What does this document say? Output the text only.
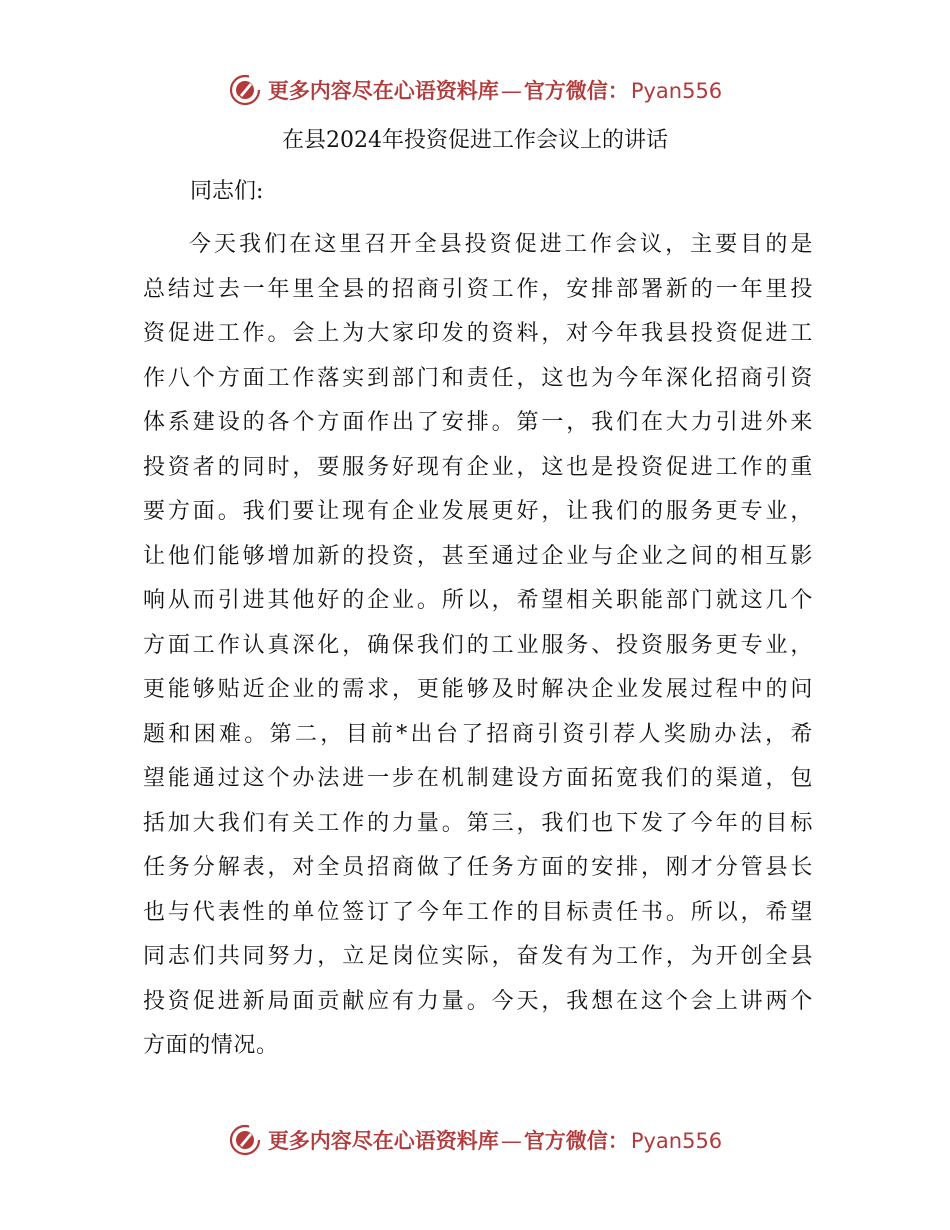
更多内容尽在心语资料库—官方微信：Pyan556
在县2024年投资促进工作会议上的讲话
同志们:
今天我们在这里召开全县投资促进工作会议，主要目的是
总结过去一年里全县的招商引资工作，安排部署新的一年里投
资促进工作。会上为大家印发的资料，对今年我县投资促进工
作八个方面工作落实到部门和责任，这也为今年深化招商引资
体系建设的各个方面作出了安排。第一，我们在大力引进外来
投资者的同时，要服务好现有企业，这也是投资促进工作的重
要方面。我们要让现有企业发展更好，让我们的服务更专业，
让他们能够增加新的投资，甚至通过企业与企业之间的相互影
响从而引进其他好的企业。所以，希望相关职能部门就这几个
方面工作认真深化，确保我们的工业服务、投资服务更专业，
更能够贴近企业的需求，更能够及时解决企业发展过程中的问
题和困难。第二，目前*出台了招商引资引荐人奖励办法，希
望能通过这个办法进一步在机制建设方面拓宽我们的渠道，包
括加大我们有关工作的力量。第三，我们也下发了今年的目标
任务分解表，对全员招商做了任务方面的安排，刚才分管县长
也与代表性的单位签订了今年工作的目标责任书。所以，希望
同志们共同努力，立足岗位实际，奋发有为工作，为开创全县
投资促进新局面贡献应有力量。今天，我想在这个会上讲两个
方面的情况。
更多内容尽在心语资料库—官方微信：Pyan556
